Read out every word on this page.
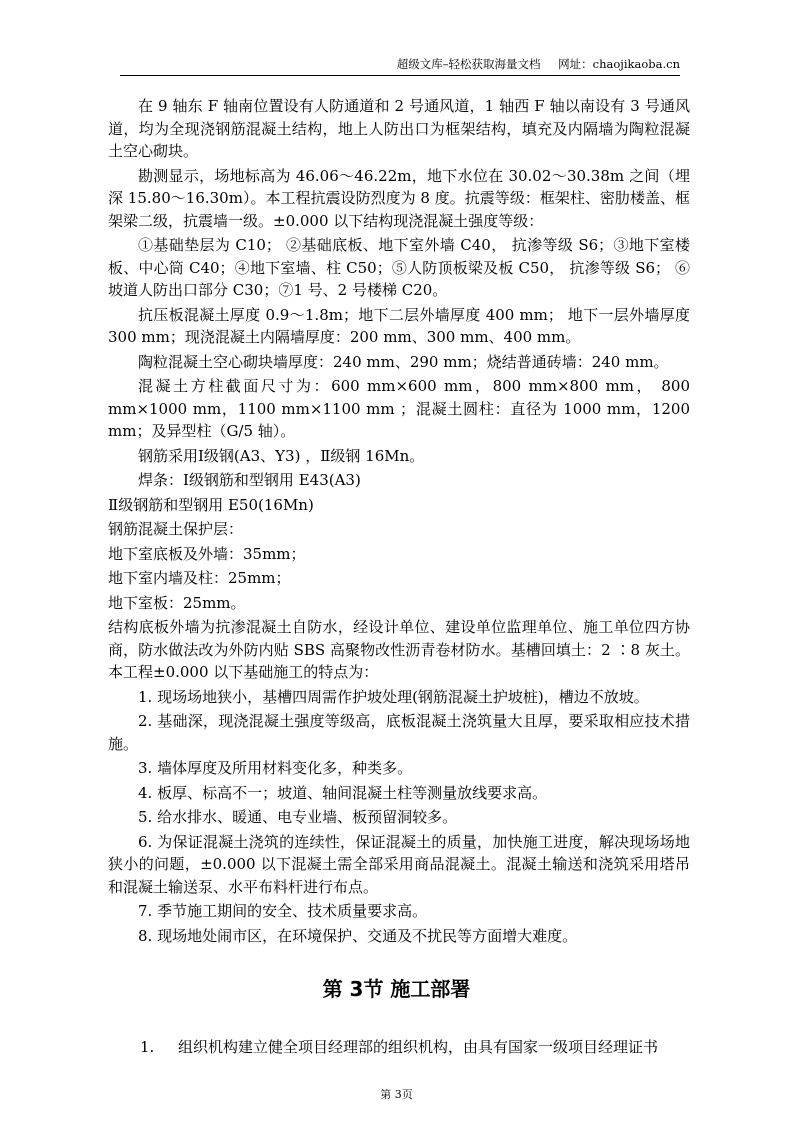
超级文库–轻松获取海量文档 网址：chaojikaoba.cn

在 9 轴东 F 轴南位置设有人防通道和 2 号通风道，1 轴西 F 轴以南设有 3 号通风道，均为全现浇钢筋混凝土结构，地上人防出口为框架结构，填充及内隔墙为陶粒混凝土空心砌块。

勘测显示，场地标高为 46.06～46.22m，地下水位在 30.02～30.38m 之间（埋深 15.80～16.30m）。本工程抗震设防烈度为 8 度。抗震等级：框架柱、密肋楼盖、框架梁二级，抗震墙一级。±0.000 以下结构现浇混凝土强度等级：

①基础垫层为 C10； ②基础底板、地下室外墙 C40， 抗渗等级 S6；③地下室楼板、中心筒 C40；④地下室墙、柱 C50；⑤人防顶板梁及板 C50， 抗渗等级 S6； ⑥坡道人防出口部分 C30；⑦1 号、2 号楼梯 C20。

抗压板混凝土厚度 0.9～1.8m；地下二层外墙厚度 400 mm； 地下一层外墙厚度 300 mm；现浇混凝土内隔墙厚度：200 mm、300 mm、400 mm。

陶粒混凝土空心砌块墙厚度：240 mm、290 mm；烧结普通砖墙：240 mm。

混凝土方柱截面尺寸为：600 mm×600 mm，800 mm×800 mm， 800 mm×1000 mm，1100 mm×1100 mm ；混凝土圆柱：直径为 1000 mm，1200 mm；及异型柱（G/5 轴）。

钢筋采用Ⅰ级钢(A3、Y3) ，Ⅱ级钢 16Mn。

焊条：Ⅰ级钢筋和型钢用 E43(A3)

Ⅱ级钢筋和型钢用 E50(16Mn)

钢筋混凝土保护层：

地下室底板及外墙：35mm；

地下室内墙及柱：25mm；

地下室板：25mm。

结构底板外墙为抗渗混凝土自防水，经设计单位、建设单位监理单位、施工单位四方协商，防水做法改为外防内贴 SBS 高聚物改性沥青卷材防水。基槽回填土：2 ∶8 灰土。本工程±0.000 以下基础施工的特点为：

1. 现场场地狭小，基槽四周需作护坡处理(钢筋混凝土护坡桩)，槽边不放坡。

2. 基础深，现浇混凝土强度等级高，底板混凝土浇筑量大且厚，要采取相应技术措施。

3. 墙体厚度及所用材料变化多，种类多。

4. 板厚、标高不一；坡道、轴间混凝土柱等测量放线要求高。

5. 给水排水、暖通、电专业墙、板预留洞较多。

6. 为保证混凝土浇筑的连续性，保证混凝土的质量，加快施工进度，解决现场场地狭小的问题，±0.000 以下混凝土需全部采用商品混凝土。混凝土输送和浇筑采用塔吊和混凝土输送泵、水平布料杆进行布点。

7. 季节施工期间的安全、技术质量要求高。

8. 现场地处闹市区，在环境保护、交通及不扰民等方面增大难度。

第 3节 施工部署
1. 组织机构建立健全项目经理部的组织机构，由具有国家一级项目经理证书
第 3页
